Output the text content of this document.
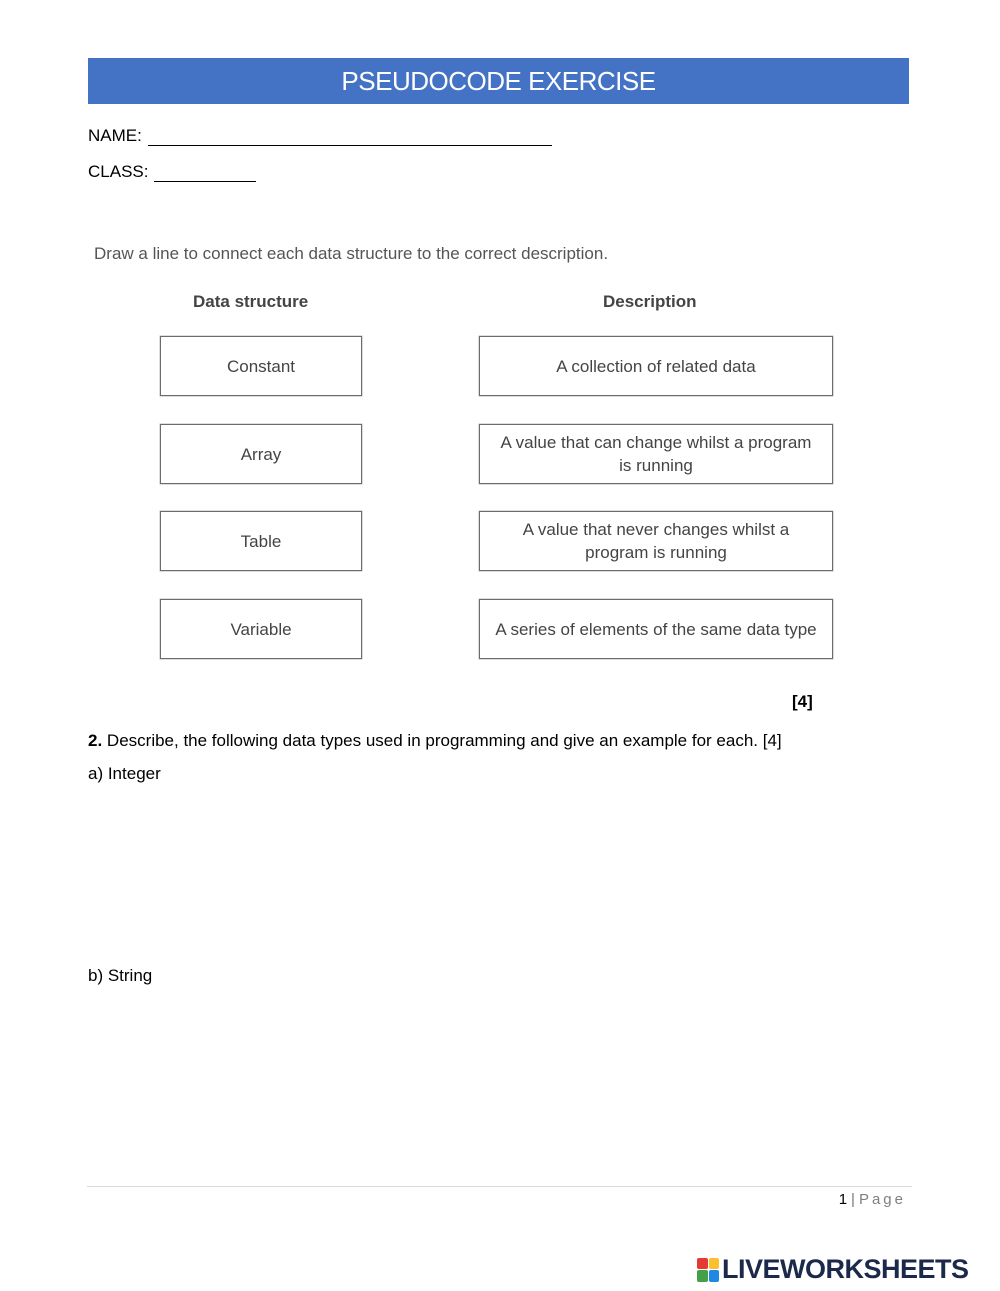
PSEUDOCODE EXERCISE
NAME:
CLASS:
Draw a line to connect each data structure to the correct description.
Data structure	Description
Constant
Array
Table
Variable
A collection of related data
A value that can change whilst a program is running
A value that never changes whilst a program is running
A series of elements of the same data type
[4]
2. Describe, the following data types used in programming and give an example for each. [4]
a) Integer
b) String
1 | Page
LIVEWORKSHEETS
